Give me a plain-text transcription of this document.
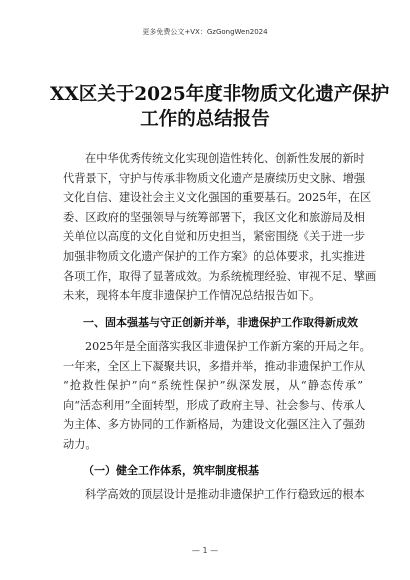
更多免费公文+VX：GzGongWen2024
XX区关于2025年度非物质文化遗产保护
工作的总结报告
在中华优秀传统文化实现创造性转化、创新性发展的新时
代背景下，守护与传承非物质文化遗产是赓续历史文脉、增强
文化自信、建设社会主义文化强国的重要基石。2025年，在区
委、区政府的坚强领导与统筹部署下，我区文化和旅游局及相
关单位以高度的文化自觉和历史担当，紧密围绕《关于进一步
加强非物质文化遗产保护的工作方案》的总体要求，扎实推进
各项工作，取得了显著成效。为系统梳理经验、审视不足、擘画
未来，现将本年度非遗保护工作情况总结报告如下。
一、固本强基与守正创新并举，非遗保护工作取得新成效
2025年是全面落实我区非遗保护工作新方案的开局之年。
一年来，全区上下凝聚共识，多措并举，推动非遗保护工作从
“抢救性保护”向“系统性保护”纵深发展，从“静态传承”
向“活态利用”全面转型，形成了政府主导、社会参与、传承人
为主体、多方协同的工作新格局，为建设文化强区注入了强劲
动力。
（一）健全工作体系，筑牢制度根基
科学高效的顶层设计是推动非遗保护工作行稳致远的根本
— 1 —
